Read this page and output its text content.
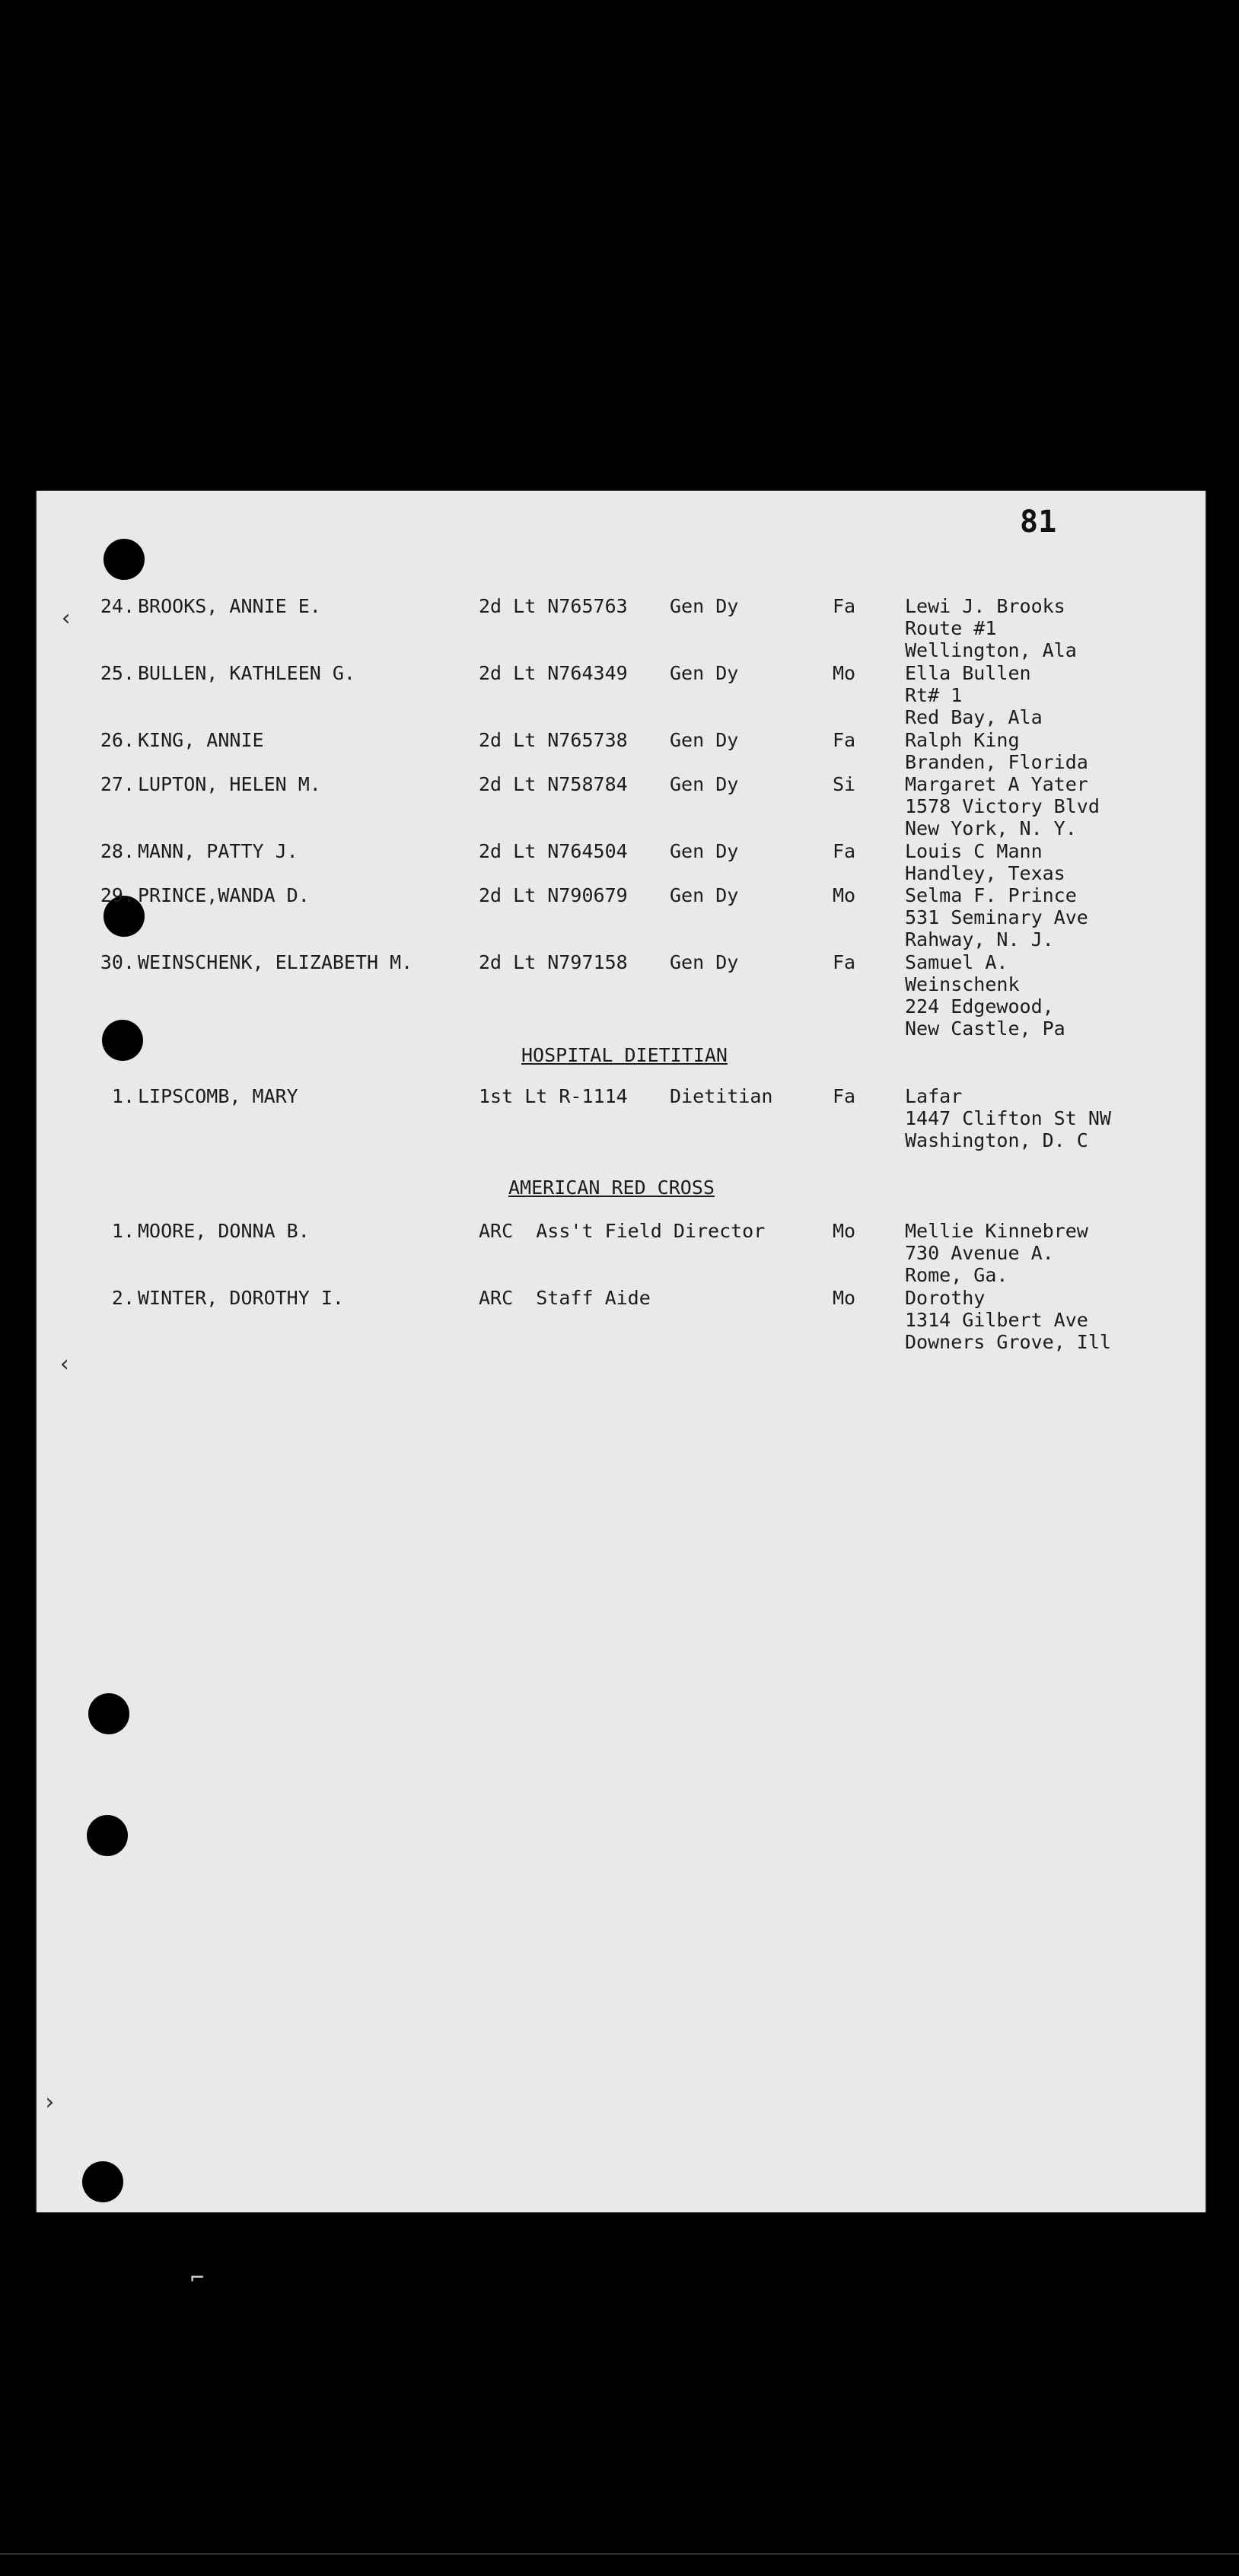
‹
‹
›
81
24. BROOKS, ANNIE E.	2d Lt N765763 Gen Dy	Fa	Lewi J. Brooks
Route #1
Wellington, Ala
25. BULLEN, KATHLEEN G.	2d Lt N764349 Gen Dy	Mo	Ella Bullen
Rt# 1
Red Bay, Ala
26. KING, ANNIE	2d Lt N765738 Gen Dy	Fa	Ralph King
Branden, Florida
27. LUPTON, HELEN M.	2d Lt N758784 Gen Dy	Si	Margaret A Yater
1578 Victory Blvd
New York, N. Y.
28. MANN, PATTY J.	2d Lt N764504 Gen Dy	Fa	Louis C Mann
Handley, Texas
29. PRINCE,WANDA D.	2d Lt N790679 Gen Dy	Mo	Selma F. Prince
531 Seminary Ave
Rahway, N. J.
30. WEINSCHENK, ELIZABETH M.	2d Lt N797158 Gen Dy	Fa	Samuel A.
Weinschenk
224 Edgewood,
New Castle, Pa
HOSPITAL DIETITIAN
1. LIPSCOMB, MARY	1st Lt R-1114 Dietitian	Fa	Lafar
1447 Clifton St NW
Washington, D. C
AMERICAN RED CROSS
1. MOORE, DONNA B.	ARC  Ass't Field Director	Mo	Mellie Kinnebrew
730 Avenue A.
Rome, Ga.
2. WINTER, DOROTHY I.	ARC  Staff Aide	Mo	Dorothy
1314 Gilbert Ave
Downers Grove, Ill
⌐
